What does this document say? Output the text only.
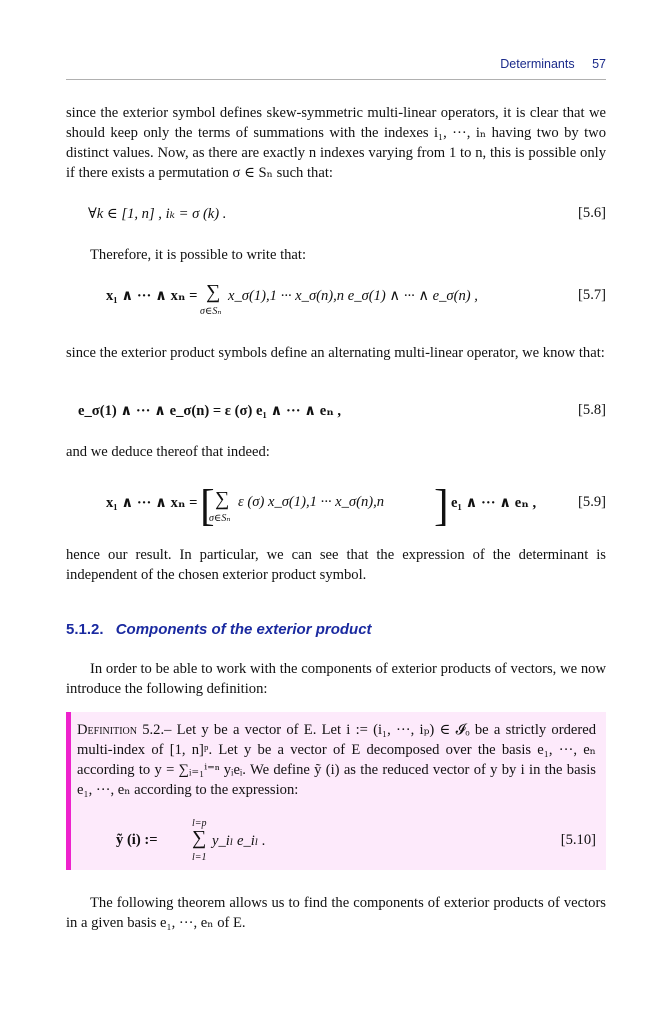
Determinants 57
since the exterior symbol defines skew-symmetric multi-linear operators, it is clear that we should keep only the terms of summations with the indexes i₁, ···, iₙ having two by two distinct values. Now, as there are exactly n indexes varying from 1 to n, this is possible only if there exists a permutation σ ∈ Sₙ such that:
∀k ∈ [1, n] , iₖ = σ (k) .	[5.6]
Therefore, it is possible to write that:
x₁ ∧ ··· ∧ xₙ = ∑
σ∈Sₙ
x_σ(1),1 ··· x_σ(n),n e_σ(1) ∧ ··· ∧ e_σ(n) ,	[5.7]
since the exterior product symbols define an alternating multi-linear operator, we know that:
e_σ(1) ∧ ··· ∧ e_σ(n) = ε (σ) e₁ ∧ ··· ∧ eₙ ,	[5.8]
and we deduce thereof that indeed:
x₁ ∧ ··· ∧ xₙ = [ ∑
σ∈Sₙ
ε (σ) x_σ(1),1 ··· x_σ(n),n ] e₁ ∧ ··· ∧ eₙ ,	[5.9]
hence our result. In particular, we can see that the expression of the determinant is independent of the chosen exterior product symbol.
5.1.2. Components of the exterior product
In order to be able to work with the components of exterior products of vectors, we now introduce the following definition:
Definition 5.2.– Let y be a vector of E. Let i := (i₁, ···, iₚ) ∈ 𝓘ₒ be a strictly ordered multi-index of [1, n]ᵖ. Let y be a vector of E decomposed over the basis e₁, ···, eₙ according to y = ∑ᵢ₌₁ⁱ⁼ⁿ yᵢeᵢ. We define ỹ (i) as the reduced vector of y by i in the basis e₁, ···, eₙ according to the expression:
ỹ (i) :=
l=p
∑
l=1
y_iₗ e_iₗ .	[5.10]
The following theorem allows us to find the components of exterior products of vectors in a given basis e₁, ···, eₙ of E.
